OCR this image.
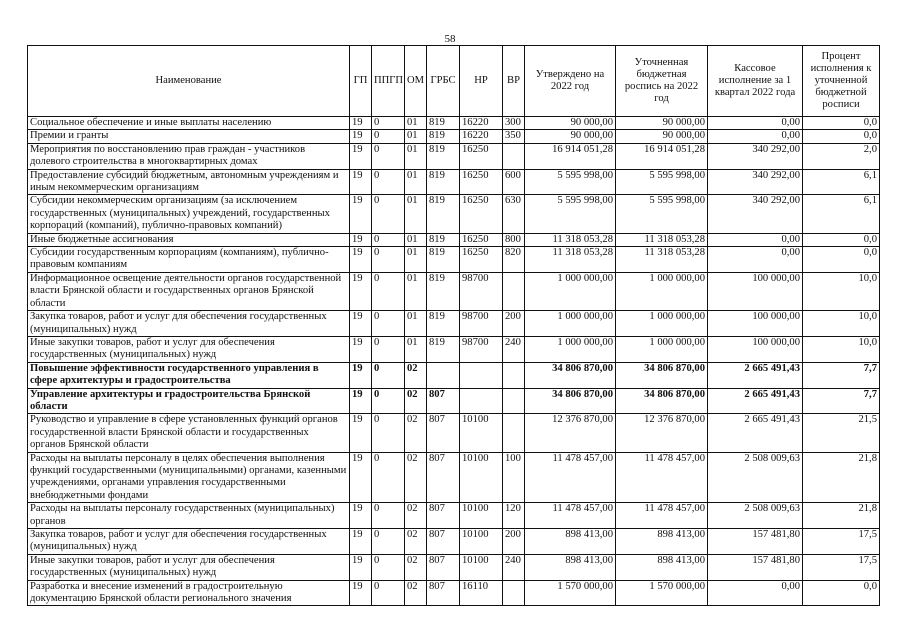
58
Наименование	ГП	ППГП	ОМ	ГРБС	НР	ВР	Утверждено на 2022 год	Уточненная бюджетная роспись на 2022 год	Кассовое исполнение за 1 квартал 2022 года	Процент исполнения к уточненной бюджетной росписи
Социальное обеспечение и иные выплаты населению	19	0	01	819	16220	300	90 000,00	90 000,00	0,00	0,0
Премии и гранты	19	0	01	819	16220	350	90 000,00	90 000,00	0,00	0,0
Мероприятия по восстановлению прав граждан - участников долевого строительства в многоквартирных домах	19	0	01	819	16250		16 914 051,28	16 914 051,28	340 292,00	2,0
Предоставление субсидий бюджетным, автономным учреждениям и иным некоммерческим организациям	19	0	01	819	16250	600	5 595 998,00	5 595 998,00	340 292,00	6,1
Субсидии некоммерческим организациям (за исключением государственных (муниципальных) учреждений, государственных корпораций (компаний), публично-правовых компаний)	19	0	01	819	16250	630	5 595 998,00	5 595 998,00	340 292,00	6,1
Иные бюджетные ассигнования	19	0	01	819	16250	800	11 318 053,28	11 318 053,28	0,00	0,0
Субсидии государственным корпорациям (компаниям), публично-правовым компаниям	19	0	01	819	16250	820	11 318 053,28	11 318 053,28	0,00	0,0
Информационное освещение деятельности органов государственной власти Брянской области и государственных органов Брянской области	19	0	01	819	98700		1 000 000,00	1 000 000,00	100 000,00	10,0
Закупка товаров, работ и услуг для обеспечения государственных (муниципальных) нужд	19	0	01	819	98700	200	1 000 000,00	1 000 000,00	100 000,00	10,0
Иные закупки товаров, работ и услуг для обеспечения государственных (муниципальных) нужд	19	0	01	819	98700	240	1 000 000,00	1 000 000,00	100 000,00	10,0
Повышение эффективности государственного управления в сфере архитектуры и градостроительства	19	0	02				34 806 870,00	34 806 870,00	2 665 491,43	7,7
Управление архитектуры и градостроительства Брянской области	19	0	02	807			34 806 870,00	34 806 870,00	2 665 491,43	7,7
Руководство и управление в сфере установленных функций органов государственной власти Брянской области и государственных органов Брянской области	19	0	02	807	10100		12 376 870,00	12 376 870,00	2 665 491,43	21,5
Расходы на выплаты персоналу в целях обеспечения выполнения функций государственными (муниципальными) органами, казенными учреждениями, органами управления государственными внебюджетными фондами	19	0	02	807	10100	100	11 478 457,00	11 478 457,00	2 508 009,63	21,8
Расходы на выплаты персоналу государственных (муниципальных) органов	19	0	02	807	10100	120	11 478 457,00	11 478 457,00	2 508 009,63	21,8
Закупка товаров, работ и услуг для обеспечения государственных (муниципальных) нужд	19	0	02	807	10100	200	898 413,00	898 413,00	157 481,80	17,5
Иные закупки товаров, работ и услуг для обеспечения государственных (муниципальных) нужд	19	0	02	807	10100	240	898 413,00	898 413,00	157 481,80	17,5
Разработка и внесение изменений в градостроительную документацию Брянской области регионального значения	19	0	02	807	16110		1 570 000,00	1 570 000,00	0,00	0,0
